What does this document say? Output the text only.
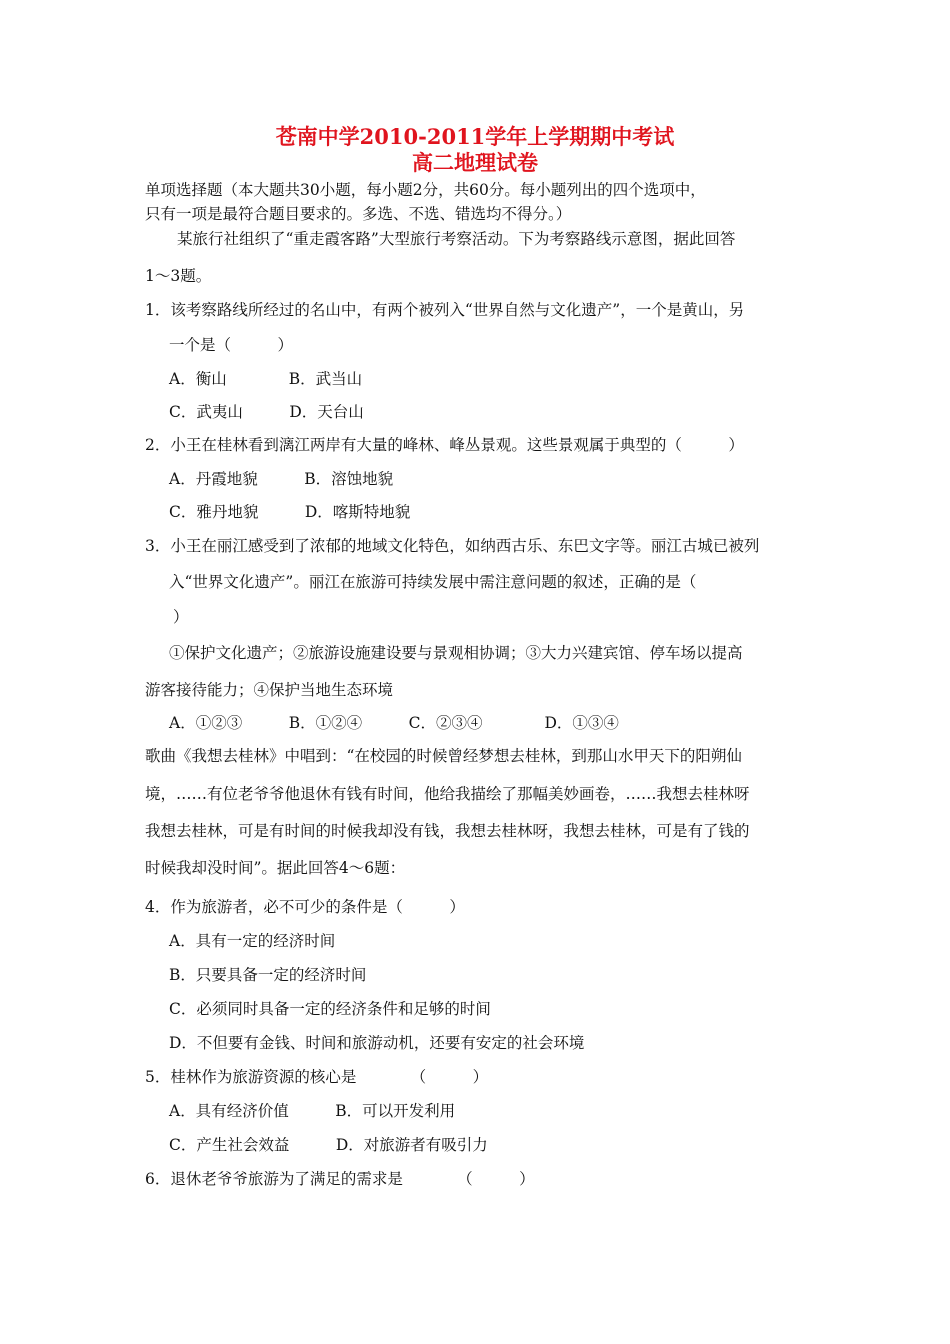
苍南中学2010-2011学年上学期期中考试
高二地理试卷
单项选择题（本大题共30小题，每小题2分，共60分。每小题列出的四个选项中，
只有一项是最符合题目要求的。多选、不选、错选均不得分。）
某旅行社组织了“重走霞客路”大型旅行考察活动。下为考察路线示意图，据此回答
1～3题。
1．该考察路线所经过的名山中，有两个被列入“世界自然与文化遗产”，一个是黄山，另
一个是（　　　）
A．衡山　　　　B．武当山
C．武夷山　　　D．天台山
2．小王在桂林看到漓江两岸有大量的峰林、峰丛景观。这些景观属于典型的（　　　）
A．丹霞地貌　　　B．溶蚀地貌
C．雅丹地貌　　　D．喀斯特地貌
3．小王在丽江感受到了浓郁的地域文化特色，如纳西古乐、东巴文字等。丽江古城已被列
入“世界文化遗产”。丽江在旅游可持续发展中需注意问题的叙述，正确的是（
）
①保护文化遗产；②旅游设施建设要与景观相协调；③大力兴建宾馆、停车场以提高
游客接待能力；④保护当地生态环境
A．①②③　　　B．①②④　　　C．②③④　　　　D．①③④
歌曲《我想去桂林》中唱到：“在校园的时候曾经梦想去桂林，到那山水甲天下的阳朔仙
境，……有位老爷爷他退休有钱有时间，他给我描绘了那幅美妙画卷，……我想去桂林呀
我想去桂林，可是有时间的时候我却没有钱，我想去桂林呀，我想去桂林，可是有了钱的
时候我却没时间”。据此回答4～6题：
4．作为旅游者，必不可少的条件是（　　　）
A．具有一定的经济时间
B．只要具备一定的经济时间
C．必须同时具备一定的经济条件和足够的时间
D．不但要有金钱、时间和旅游动机，还要有安定的社会环境
5．桂林作为旅游资源的核心是　　　　（　　　）
A．具有经济价值　　　B．可以开发利用
C．产生社会效益　　　D．对旅游者有吸引力
6．退休老爷爷旅游为了满足的需求是　　　　（　　　）
